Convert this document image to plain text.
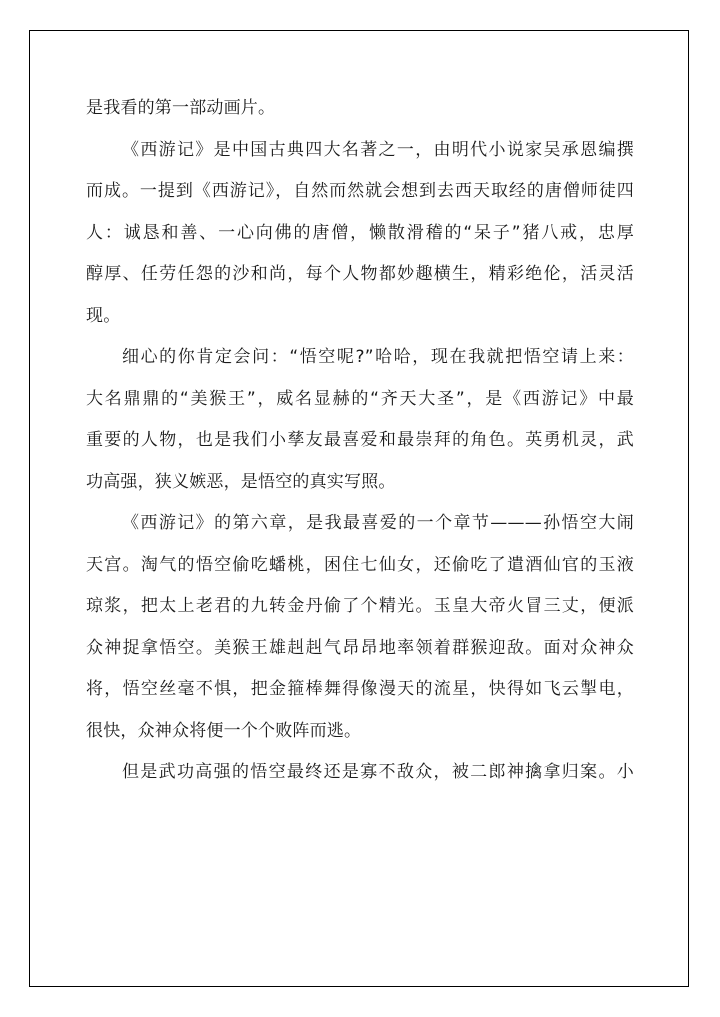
是我看的第一部动画片。
《西游记》是中国古典四大名著之一，由明代小说家吴承恩编撰
而成。一提到《西游记》，自然而然就会想到去西天取经的唐僧师徒四
人：诚恳和善、一心向佛的唐僧，懒散滑稽的“呆子”猪八戒，忠厚
醇厚、任劳任怨的沙和尚，每个人物都妙趣横生，精彩绝伦，活灵活
现。
细心的你肯定会问：“悟空呢?”哈哈，现在我就把悟空请上来：
大名鼎鼎的“美猴王”，威名显赫的“齐天大圣”，是《西游记》中最
重要的人物，也是我们小孳友最喜爱和最崇拜的角色。英勇机灵，武
功高强，狭义嫉恶，是悟空的真实写照。
《西游记》的第六章，是我最喜爱的一个章节———孙悟空大闹
天宫。淘气的悟空偷吃蟠桃，困住七仙女，还偷吃了遣酒仙官的玉液
琼浆，把太上老君的九转金丹偷了个精光。玉皇大帝火冒三丈，便派
众神捉拿悟空。美猴王雄赳赳气昂昂地率领着群猴迎敌。面对众神众
将，悟空丝毫不惧，把金箍棒舞得像漫天的流星，快得如飞云掣电，
很快，众神众将便一个个败阵而逃。
但是武功高强的悟空最终还是寡不敌众，被二郎神擒拿归案。小
